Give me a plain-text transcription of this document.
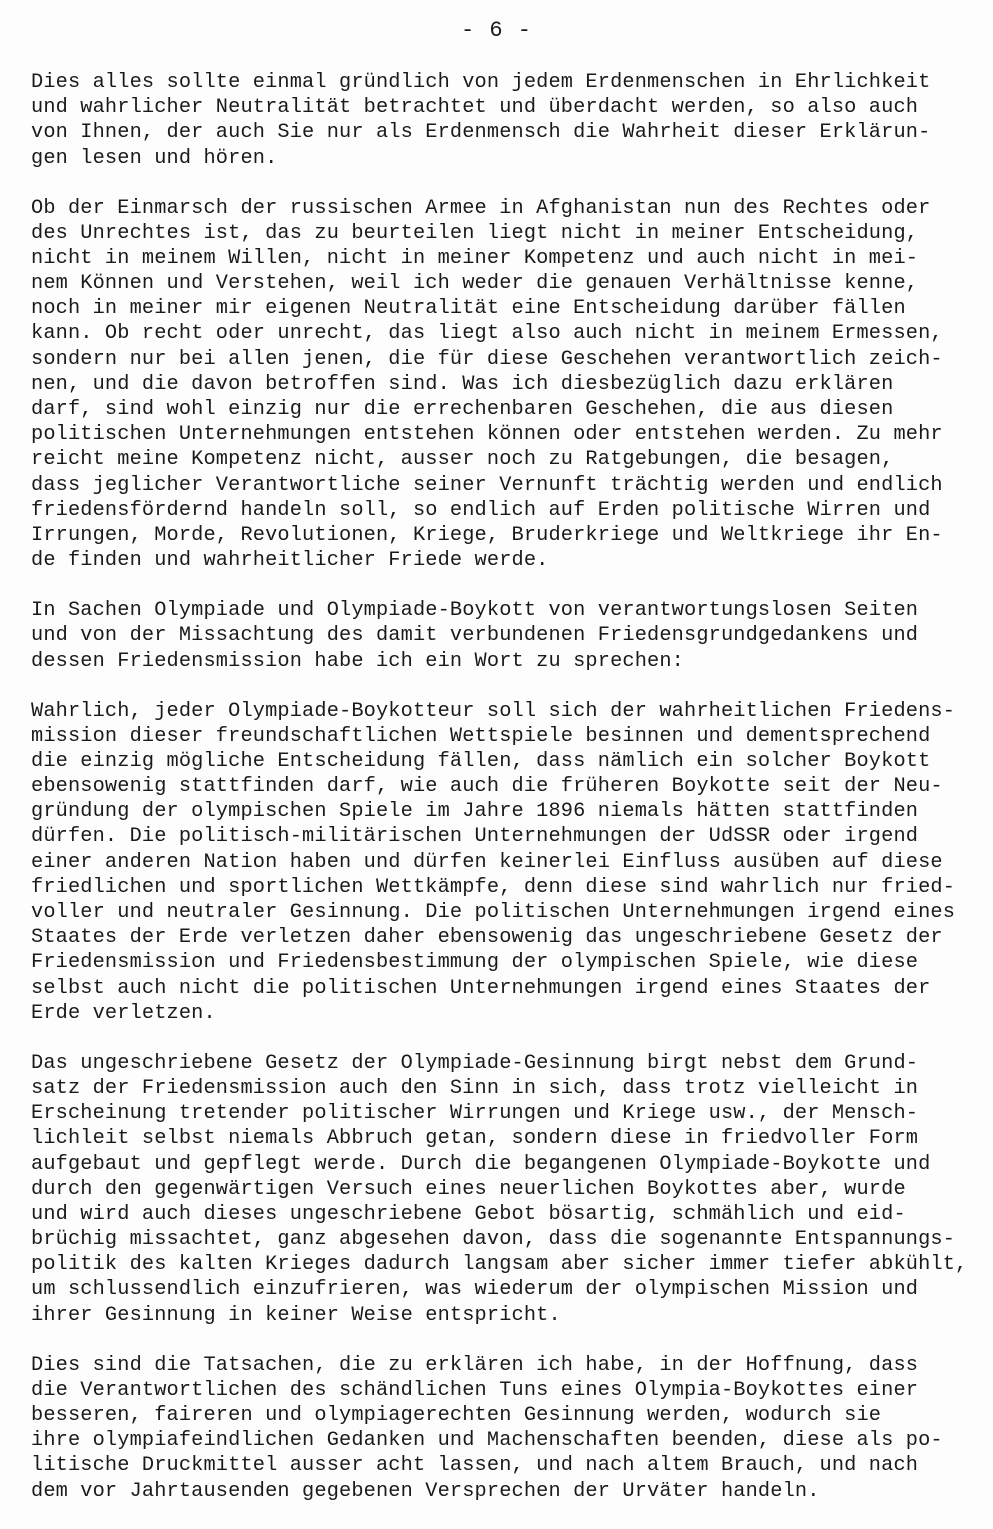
- 6 -
Dies alles sollte einmal gründlich von jedem Erdenmenschen in Ehrlichkeit
und wahrlicher Neutralität betrachtet und überdacht werden, so also auch
von Ihnen, der auch Sie nur als Erdenmensch die Wahrheit dieser Erklärun-
gen lesen und hören.
Ob der Einmarsch der russischen Armee in Afghanistan nun des Rechtes oder
des Unrechtes ist, das zu beurteilen liegt nicht in meiner Entscheidung,
nicht in meinem Willen, nicht in meiner Kompetenz und auch nicht in mei-
nem Können und Verstehen, weil ich weder die genauen Verhältnisse kenne,
noch in meiner mir eigenen Neutralität eine Entscheidung darüber fällen
kann. Ob recht oder unrecht, das liegt also auch nicht in meinem Ermessen,
sondern nur bei allen jenen, die für diese Geschehen verantwortlich zeich-
nen, und die davon betroffen sind. Was ich diesbezüglich dazu erklären
darf, sind wohl einzig nur die errechenbaren Geschehen, die aus diesen
politischen Unternehmungen entstehen können oder entstehen werden. Zu mehr
reicht meine Kompetenz nicht, ausser noch zu Ratgebungen, die besagen,
dass jeglicher Verantwortliche seiner Vernunft trächtig werden und endlich
friedensfördernd handeln soll, so endlich auf Erden politische Wirren und
Irrungen, Morde, Revolutionen, Kriege, Bruderkriege und Weltkriege ihr En-
de finden und wahrheitlicher Friede werde.
In Sachen Olympiade und Olympiade-Boykott von verantwortungslosen Seiten
und von der Missachtung des damit verbundenen Friedensgrundgedankens und
dessen Friedensmission habe ich ein Wort zu sprechen:
Wahrlich, jeder Olympiade-Boykotteur soll sich der wahrheitlichen Friedens-
mission dieser freundschaftlichen Wettspiele besinnen und dementsprechend
die einzig mögliche Entscheidung fällen, dass nämlich ein solcher Boykott
ebensowenig stattfinden darf, wie auch die früheren Boykotte seit der Neu-
gründung der olympischen Spiele im Jahre 1896 niemals hätten stattfinden
dürfen. Die politisch-militärischen Unternehmungen der UdSSR oder irgend
einer anderen Nation haben und dürfen keinerlei Einfluss ausüben auf diese
friedlichen und sportlichen Wettkämpfe, denn diese sind wahrlich nur fried-
voller und neutraler Gesinnung. Die politischen Unternehmungen irgend eines
Staates der Erde verletzen daher ebensowenig das ungeschriebene Gesetz der
Friedensmission und Friedensbestimmung der olympischen Spiele, wie diese
selbst auch nicht die politischen Unternehmungen irgend eines Staates der
Erde verletzen.
Das ungeschriebene Gesetz der Olympiade-Gesinnung birgt nebst dem Grund-
satz der Friedensmission auch den Sinn in sich, dass trotz vielleicht in
Erscheinung tretender politischer Wirrungen und Kriege usw., der Mensch-
lichleit selbst niemals Abbruch getan, sondern diese in friedvoller Form
aufgebaut und gepflegt werde. Durch die begangenen Olympiade-Boykotte und
durch den gegenwärtigen Versuch eines neuerlichen Boykottes aber, wurde
und wird auch dieses ungeschriebene Gebot bösartig, schmählich und eid-
brüchig missachtet, ganz abgesehen davon, dass die sogenannte Entspannungs-
politik des kalten Krieges dadurch langsam aber sicher immer tiefer abkühlt,
um schlussendlich einzufrieren, was wiederum der olympischen Mission und
ihrer Gesinnung in keiner Weise entspricht.
Dies sind die Tatsachen, die zu erklären ich habe, in der Hoffnung, dass
die Verantwortlichen des schändlichen Tuns eines Olympia-Boykottes einer
besseren, faireren und olympiagerechten Gesinnung werden, wodurch sie
ihre olympiafeindlichen Gedanken und Machenschaften beenden, diese als po-
litische Druckmittel ausser acht lassen, und nach altem Brauch, und nach
dem vor Jahrtausenden gegebenen Versprechen der Urväter handeln.
